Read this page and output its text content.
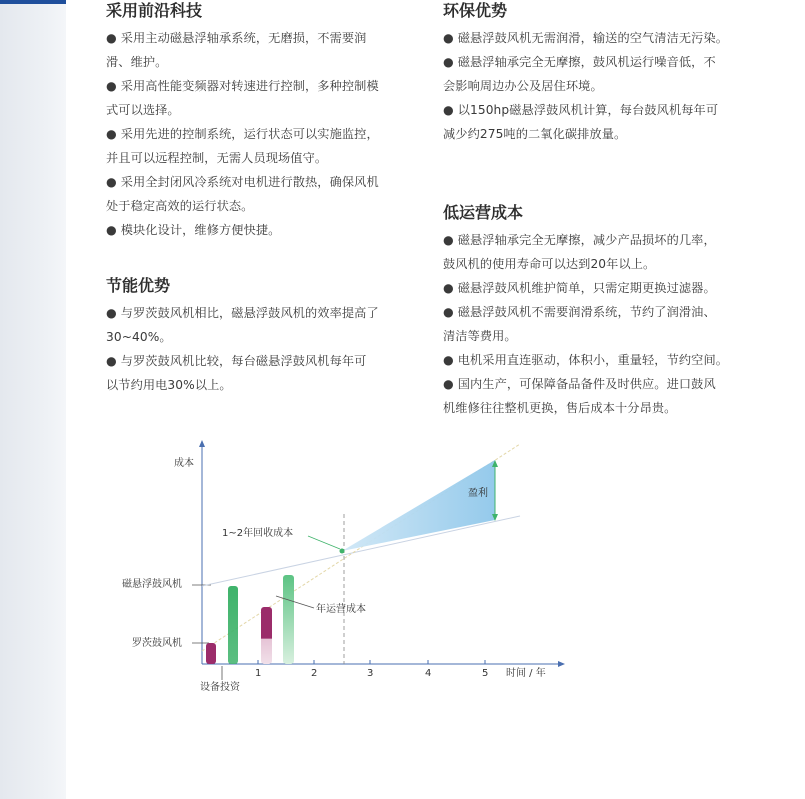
采用前沿科技
● 采用主动磁悬浮轴承系统，无磨损，不需要润
滑、维护。
● 采用高性能变频器对转速进行控制，多种控制模
式可以选择。
● 采用先进的控制系统，运行状态可以实施监控，
并且可以远程控制，无需人员现场值守。
● 采用全封闭风冷系统对电机进行散热，确保风机
处于稳定高效的运行状态。
● 模块化设计，维修方便快捷。
节能优势
● 与罗茨鼓风机相比，磁悬浮鼓风机的效率提高了
30~40%。
● 与罗茨鼓风机比较，每台磁悬浮鼓风机每年可
以节约用电30%以上。
环保优势
● 磁悬浮鼓风机无需润滑，输送的空气清洁无污染。
● 磁悬浮轴承完全无摩擦，鼓风机运行噪音低，不
会影响周边办公及居住环境。
● 以150hp磁悬浮鼓风机计算，每台鼓风机每年可
减少约275吨的二氧化碳排放量。
低运营成本
● 磁悬浮轴承完全无摩擦，减少产品损坏的几率，
鼓风机的使用寿命可以达到20年以上。
● 磁悬浮鼓风机维护简单，只需定期更换过滤器。
● 磁悬浮鼓风机不需要润滑系统，节约了润滑油、
清洁等费用。
● 电机采用直连驱动，体积小，重量轻，节约空间。
● 国内生产，可保障备品备件及时供应。进口鼓风
机维修往往整机更换，售后成本十分昂贵。
1	2	3	4	5 时间 / 年
成本
磁悬浮鼓风机
罗茨鼓风机
盈利
1~2年回收成本
年运营成本
设备投资
